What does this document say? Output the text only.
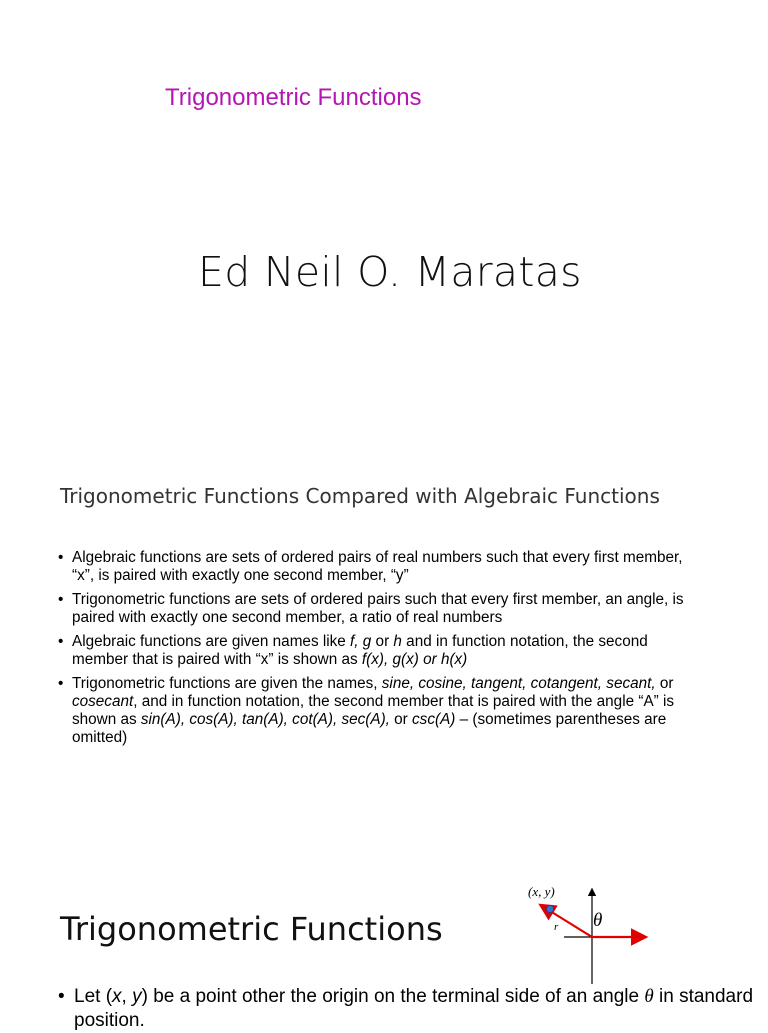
Trigonometric Functions
Ed Neil O. Maratas
Trigonometric Functions Compared with Algebraic Functions
• Algebraic functions are sets of ordered pairs of real numbers such that every first member, “x”, is paired with exactly one second member, “y”
• Trigonometric functions are sets of ordered pairs such that every first member, an angle, is paired with exactly one second member, a ratio of real numbers
• Algebraic functions are given names like f, g or h and in function notation, the second member that is paired with “x” is shown as f(x), g(x) or h(x)
• Trigonometric functions are given the names, sine, cosine, tangent, cotangent, secant, or cosecant, and in function notation, the second member that is paired with the angle “A” is shown as sin(A), cos(A), tan(A), cot(A), sec(A), or csc(A) – (sometimes parentheses are omitted)
Trigonometric Functions
(x, y)
r θ
• Let (x, y) be a point other the origin on the terminal side of an angle θ in standard position.
